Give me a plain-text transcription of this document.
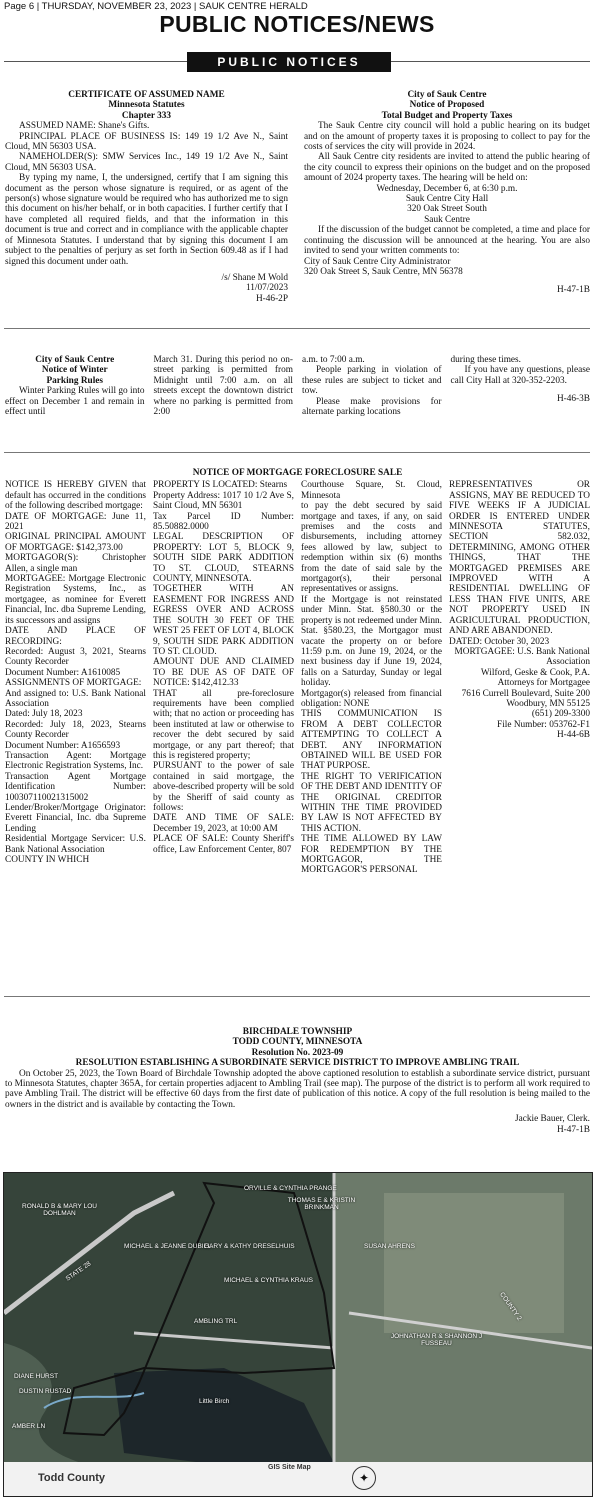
Page 6 | THURSDAY, NOVEMBER 23, 2023 | SAUK CENTRE HERALD
PUBLIC NOTICES/NEWS
PUBLIC NOTICES

CERTIFICATE OF ASSUMED NAME

Minnesota Statutes

Chapter 333

ASSUMED NAME: Shane's Gifts.

PRINCIPAL PLACE OF BUSINESS IS: 149 19 1/2 Ave N., Saint Cloud, MN 56303 USA.

NAMEHOLDER(S): SMW Services Inc., 149 19 1/2 Ave N., Saint Cloud, MN 56303 USA.

By typing my name, I, the undersigned, certify that I am signing this document as the person whose signature is required, or as agent of the person(s) whose signature would be required who has authorized me to sign this document on his/her behalf, or in both capacities. I further certify that I have completed all required fields, and that the information in this document is true and correct and in compliance with the applicable chapter of Minnesota Statutes. I understand that by signing this document I am subject to the penalties of perjury as set forth in Section 609.48 as if I had signed this document under oath.

/s/ Shane M Wold

11/07/2023

H-46-2P

City of Sauk Centre

Notice of Proposed

Total Budget and Property Taxes

The Sauk Centre city council will hold a public hearing on its budget and on the amount of property taxes it is proposing to collect to pay for the costs of services the city will provide in 2024.

All Sauk Centre city residents are invited to attend the public hearing of the city council to express their opinions on the budget and on the proposed amount of 2024 property taxes. The hearing will be held on:

Wednesday, December 6, at 6:30 p.m.

Sauk Centre City Hall

320 Oak Street South

Sauk Centre

If the discussion of the budget cannot be completed, a time and place for continuing the discussion will be announced at the hearing. You are also invited to send your written comments to:

City of Sauk Centre City Administrator

320 Oak Street S, Sauk Centre, MN 56378

H-47-1B

City of Sauk Centre

Notice of Winter

Parking Rules

Winter Parking Rules will go into effect on December 1 and remain in effect until

March 31. During this period no on-street parking is permitted from Midnight until 7:00 a.m. on all streets except the downtown district where no parking is permitted from 2:00

a.m. to 7:00 a.m.

People parking in violation of these rules are subject to ticket and tow.

Please make provisions for alternate parking locations

during these times.

If you have any questions, please call City Hall at 320-352-2203.

H-46-3B

NOTICE OF MORTGAGE FORECLOSURE SALE

NOTICE IS HEREBY GIVEN that default has occurred in the conditions of the following described mortgage:

DATE OF MORTGAGE: June 11, 2021

ORIGINAL PRINCIPAL AMOUNT OF MORTGAGE: $142,373.00

MORTGAGOR(S): Christopher Allen, a single man

MORTGAGEE: Mortgage Electronic Registration Systems, Inc., as mortgagee, as nominee for Everett Financial, Inc. dba Supreme Lending, its successors and assigns

DATE AND PLACE OF RECORDING:

Recorded: August 3, 2021, Stearns County Recorder

Document Number: A1610085

ASSIGNMENTS OF MORTGAGE:

And assigned to: U.S. Bank National Association

Dated: July 18, 2023

Recorded: July 18, 2023, Stearns County Recorder

Document Number: A1656593

Transaction Agent: Mortgage Electronic Registration Systems, Inc.

Transaction Agent Mortgage Identification Number: 100307110021315002

Lender/Broker/Mortgage Originator: Everett Financial, Inc. dba Supreme Lending

Residential Mortgage Servicer: U.S. Bank National Association

COUNTY IN WHICH

PROPERTY IS LOCATED: Stearns

Property Address: 1017 10 1/2 Ave S, Saint Cloud, MN 56301

Tax Parcel ID Number: 85.50882.0000

LEGAL DESCRIPTION OF PROPERTY: LOT 5, BLOCK 9, SOUTH SIDE PARK ADDITION TO ST. CLOUD, STEARNS COUNTY, MINNESOTA.

TOGETHER WITH AN EASEMENT FOR INGRESS AND EGRESS OVER AND ACROSS THE SOUTH 30 FEET OF THE WEST 25 FEET OF LOT 4, BLOCK 9, SOUTH SIDE PARK ADDITION TO ST. CLOUD.

AMOUNT DUE AND CLAIMED TO BE DUE AS OF DATE OF NOTICE: $142,412.33

THAT all pre-foreclosure requirements have been complied with; that no action or proceeding has been instituted at law or otherwise to recover the debt secured by said mortgage, or any part thereof; that this is registered property;

PURSUANT to the power of sale contained in said mortgage, the above-described property will be sold by the Sheriff of said county as follows:

DATE AND TIME OF SALE: December 19, 2023, at 10:00 AM

PLACE OF SALE: County Sheriff's office, Law Enforcement Center, 807

Courthouse Square, St. Cloud, Minnesota

to pay the debt secured by said mortgage and taxes, if any, on said premises and the costs and disbursements, including attorney fees allowed by law, subject to redemption within six (6) months from the date of said sale by the mortgagor(s), their personal representatives or assigns.

If the Mortgage is not reinstated under Minn. Stat. §580.30 or the property is not redeemed under Minn. Stat. §580.23, the Mortgagor must vacate the property on or before 11:59 p.m. on June 19, 2024, or the next business day if June 19, 2024, falls on a Saturday, Sunday or legal holiday.

Mortgagor(s) released from financial obligation: NONE

THIS COMMUNICATION IS FROM A DEBT COLLECTOR ATTEMPTING TO COLLECT A DEBT. ANY INFORMATION OBTAINED WILL BE USED FOR THAT PURPOSE.

THE RIGHT TO VERIFICATION OF THE DEBT AND IDENTITY OF THE ORIGINAL CREDITOR WITHIN THE TIME PROVIDED BY LAW IS NOT AFFECTED BY THIS ACTION.

THE TIME ALLOWED BY LAW FOR REDEMPTION BY THE MORTGAGOR, THE MORTGAGOR'S PERSONAL

REPRESENTATIVES OR ASSIGNS, MAY BE REDUCED TO FIVE WEEKS IF A JUDICIAL ORDER IS ENTERED UNDER MINNESOTA STATUTES, SECTION 582.032, DETERMINING, AMONG OTHER THINGS, THAT THE MORTGAGED PREMISES ARE IMPROVED WITH A RESIDENTIAL DWELLING OF LESS THAN FIVE UNITS, ARE NOT PROPERTY USED IN AGRICULTURAL PRODUCTION, AND ARE ABANDONED.

DATED: October 30, 2023

MORTGAGEE: U.S. Bank National Association

Wilford, Geske & Cook, P.A.

Attorneys for Mortgagee

7616 Currell Boulevard, Suite 200

Woodbury, MN 55125

(651) 209-3300

File Number: 053762-F1

H-44-6B

BIRCHDALE TOWNSHIP

TODD COUNTY, MINNESOTA

Resolution No. 2023-09

RESOLUTION ESTABLISHING A SUBORDINATE SERVICE DISTRICT TO IMPROVE AMBLING TRAIL

On October 25, 2023, the Town Board of Birchdale Township adopted the above captioned resolution to establish a subordinate service district, pursuant to Minnesota Statutes, chapter 365A, for certain properties adjacent to Ambling Trail (see map). The purpose of the district is to perform all work required to pave Ambling Trail. The district will be effective 60 days from the first date of publication of this notice. A copy of the full resolution is being mailed to the owners in the district and is available by contacting the Town.

Jackie Bauer, Clerk.

H-47-1B

STATE 28
AMBLING TRL
AMBER LN
COUNTY 2
SUSAN AHRENS
RONALD B & MARY LOU DOHLMAN
MICHAEL & JEANNE DUBIEL
ORVILLE & CYNTHIA PRANGE
THOMAS E & KRISTIN BRINKMAN
GARY & KATHY DRESELHUIS
MICHAEL & CYNTHIA KRAUS
JOHNATHAN R & SHANNON J FUSSEAU
DIANE HURST
DUSTIN RUSTAD
Little Birch
Todd County
GIS Site Map
✦
